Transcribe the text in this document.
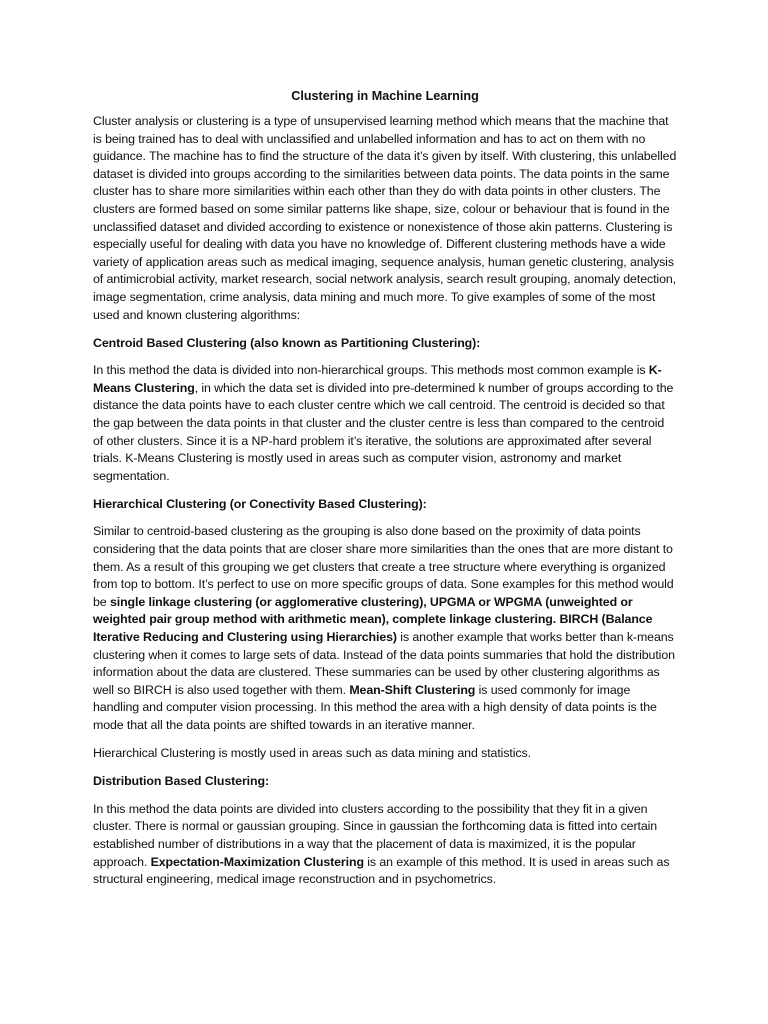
Clustering in Machine Learning

Cluster analysis or clustering is a type of unsupervised learning method which means that the machine that is being trained has to deal with unclassified and unlabelled information and has to act on them with no guidance. The machine has to find the structure of the data it’s given by itself. With clustering, this unlabelled dataset is divided into groups according to the similarities between data points. The data points in the same cluster has to share more similarities within each other than they do with data points in other clusters. The clusters are formed based on some similar patterns like shape, size, colour or behaviour that is found in the unclassified dataset and divided according to existence or nonexistence of those akin patterns. Clustering is especially useful for dealing with data you have no knowledge of. Different clustering methods have a wide variety of application areas such as medical imaging, sequence analysis, human genetic clustering, analysis of antimicrobial activity, market research, social network analysis, search result grouping, anomaly detection, image segmentation, crime analysis, data mining and much more. To give examples of some of the most used and known clustering algorithms:

Centroid Based Clustering (also known as Partitioning Clustering):

In this method the data is divided into non-hierarchical groups. This methods most common example is K-Means Clustering, in which the data set is divided into pre-determined k number of groups according to the distance the data points have to each cluster centre which we call centroid. The centroid is decided so that the gap between the data points in that cluster and the cluster centre is less than compared to the centroid of other clusters. Since it is a NP-hard problem it’s iterative, the solutions are approximated after several trials. K-Means Clustering is mostly used in areas such as computer vision, astronomy and market segmentation.

Hierarchical Clustering (or Conectivity Based Clustering):

Similar to centroid-based clustering as the grouping is also done based on the proximity of data points considering that the data points that are closer share more similarities than the ones that are more distant to them. As a result of this grouping we get clusters that create a tree structure where everything is organized from top to bottom. It’s perfect to use on more specific groups of data. Sone examples for this method would be single linkage clustering (or agglomerative clustering), UPGMA or WPGMA (unweighted or weighted pair group method with arithmetic mean), complete linkage clustering. BIRCH (Balance Iterative Reducing and Clustering using Hierarchies) is another example that works better than k-means clustering when it comes to large sets of data. Instead of the data points summaries that hold the distribution information about the data are clustered. These summaries can be used by other clustering algorithms as well so BIRCH is also used together with them. Mean-Shift Clustering is used commonly for image handling and computer vision processing. In this method the area with a high density of data points is the mode that all the data points are shifted towards in an iterative manner.

Hierarchical Clustering is mostly used in areas such as data mining and statistics.

Distribution Based Clustering:

In this method the data points are divided into clusters according to the possibility that they fit in a given cluster. There is normal or gaussian grouping. Since in gaussian the forthcoming data is fitted into certain established number of distributions in a way that the placement of data is maximized, it is the popular approach. Expectation-Maximization Clustering is an example of this method. It is used in areas such as structural engineering, medical image reconstruction and in psychometrics.
